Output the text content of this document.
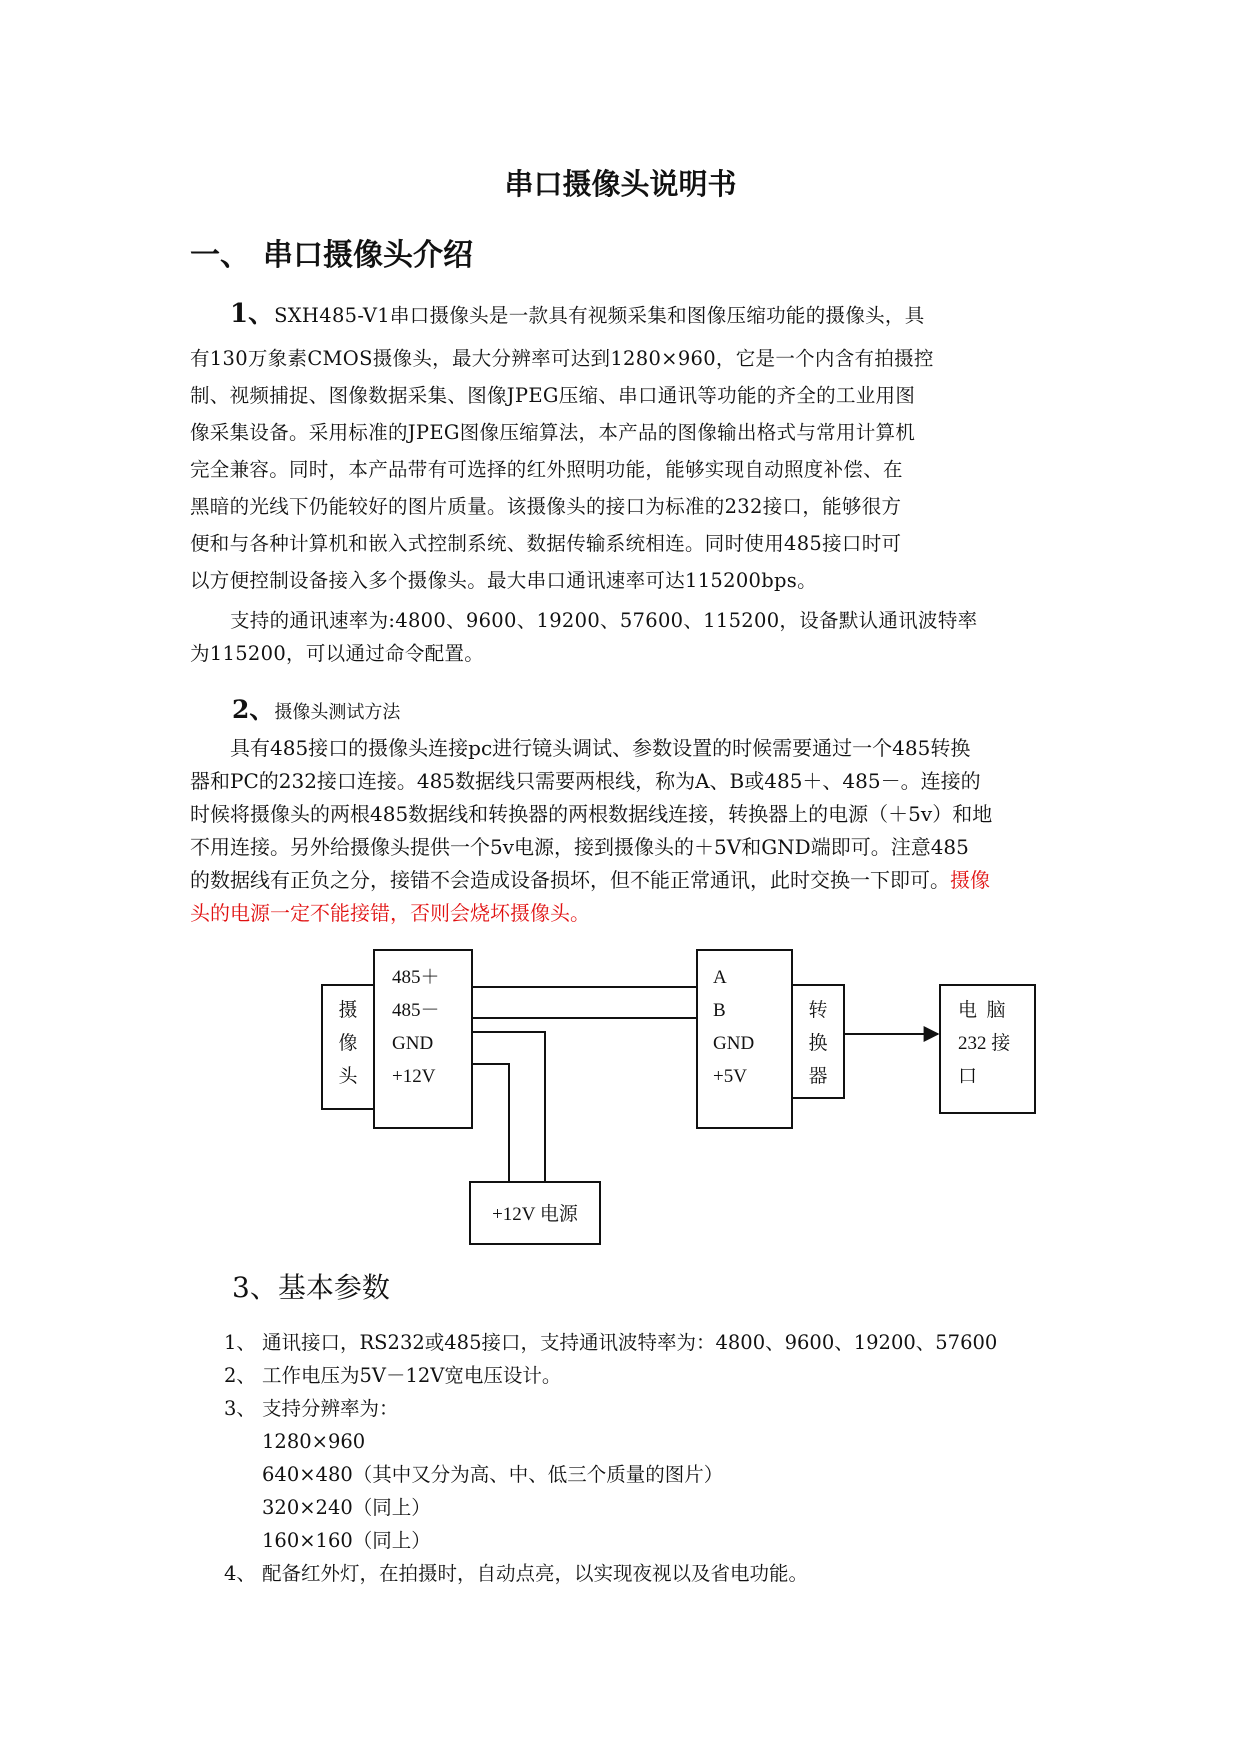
串口摄像头说明书
一、 串口摄像头介绍
1、SXH485-V1串口摄像头是一款具有视频采集和图像压缩功能的摄像头，具
有130万象素CMOS摄像头，最大分辨率可达到1280×960，它是一个内含有拍摄控
制、视频捕捉、图像数据采集、图像JPEG压缩、串口通讯等功能的齐全的工业用图
像采集设备。采用标准的JPEG图像压缩算法，本产品的图像输出格式与常用计算机
完全兼容。同时，本产品带有可选择的红外照明功能，能够实现自动照度补偿、在
黑暗的光线下仍能较好的图片质量。该摄像头的接口为标准的232接口，能够很方
便和与各种计算机和嵌入式控制系统、数据传输系统相连。同时使用485接口时可
以方便控制设备接入多个摄像头。最大串口通讯速率可达115200bps。
支持的通讯速率为:4800、9600、19200、57600、115200，设备默认通讯波特率
为115200，可以通过命令配置。
2、摄像头测试方法
具有485接口的摄像头连接pc进行镜头调试、参数设置的时候需要通过一个485转换
器和PC的232接口连接。485数据线只需要两根线，称为A、B或485＋、485－。连接的
时候将摄像头的两根485数据线和转换器的两根数据线连接，转换器上的电源（＋5v）和地
不用连接。另外给摄像头提供一个5v电源，接到摄像头的＋5V和GND端即可。注意485
的数据线有正负之分，接错不会造成设备损坏，但不能正常通讯，此时交换一下即可。摄像
头的电源一定不能接错，否则会烧坏摄像头。
摄
像
头
485＋
485－
GND
+12V
A
B
GND
+5V
转
换
器
电  脑
232 接
口
+12V 电源
3、基本参数
1、 通讯接口，RS232或485接口，支持通讯波特率为：4800、9600、19200、57600
2、 工作电压为5V－12V宽电压设计。
3、 支持分辨率为：
1280×960
640×480（其中又分为高、中、低三个质量的图片）
320×240（同上）
160×160（同上）
4、 配备红外灯，在拍摄时，自动点亮，以实现夜视以及省电功能。
